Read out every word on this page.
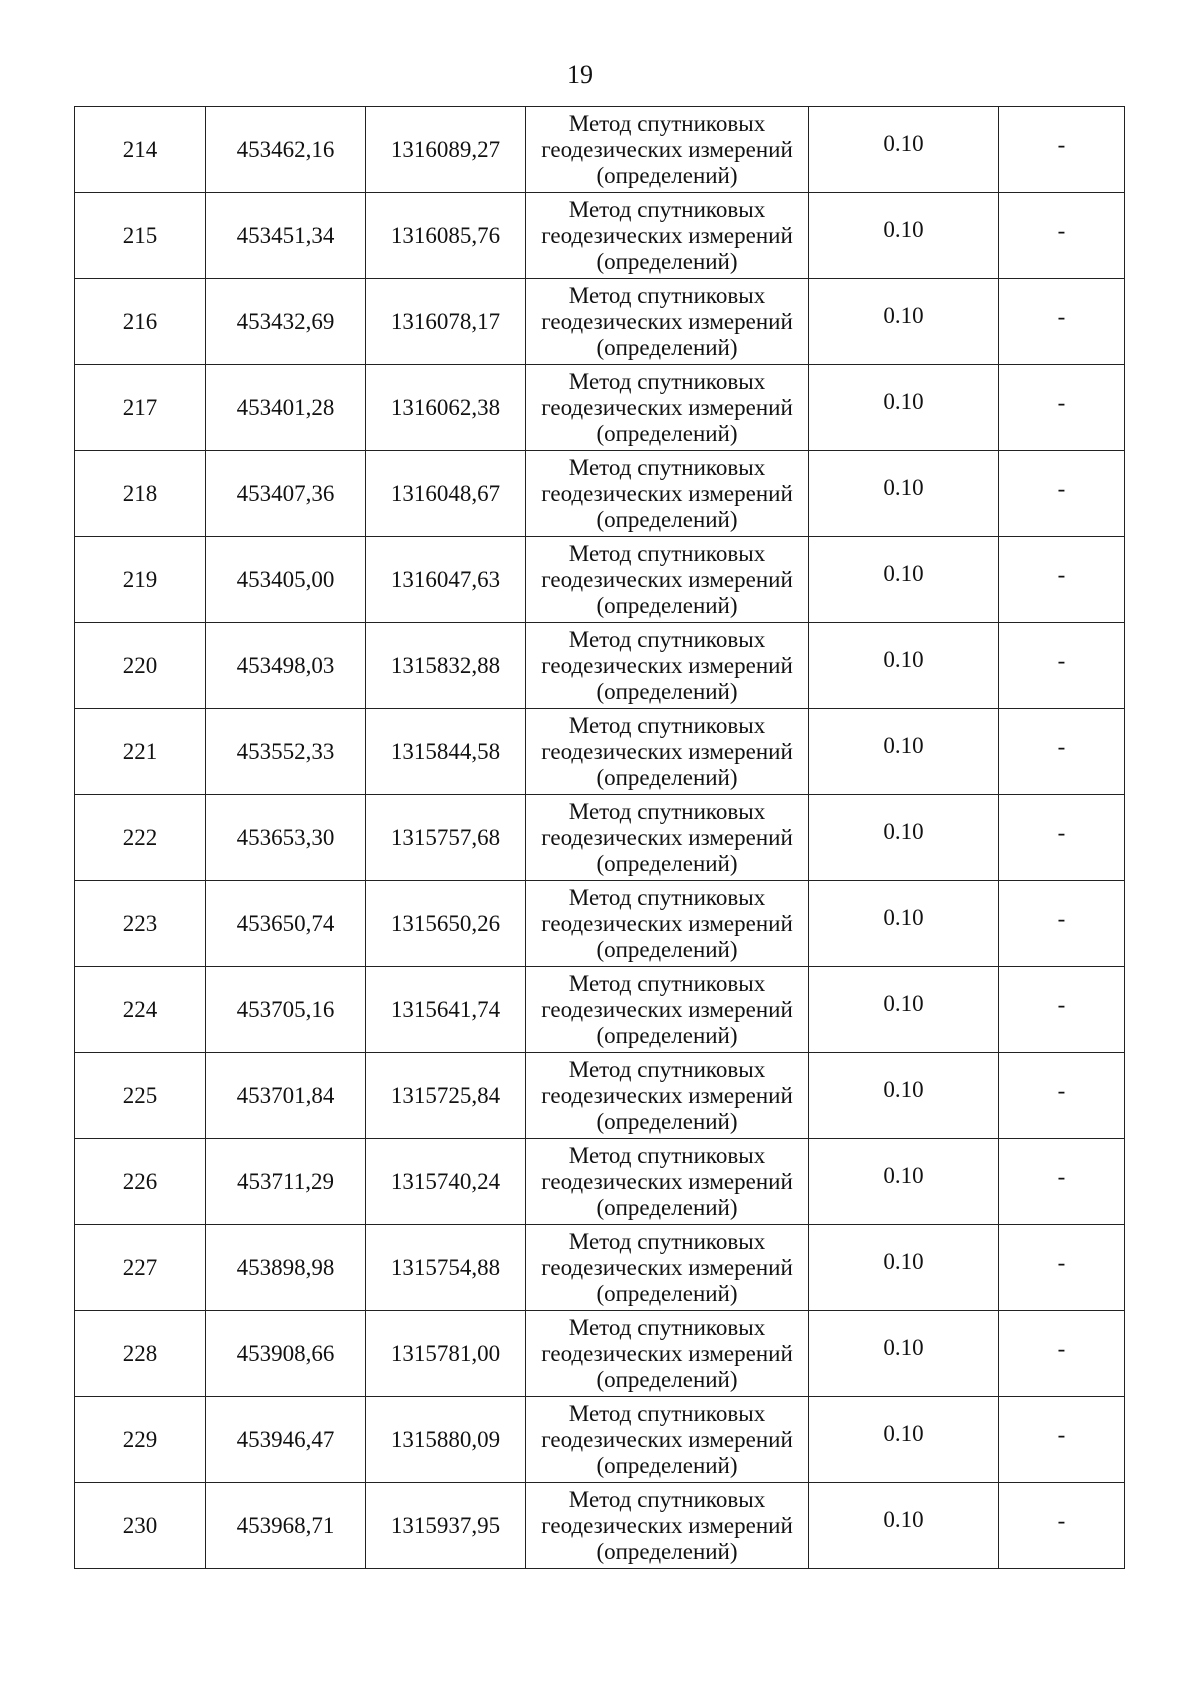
19
214	453462,16	1316089,27	Метод спутниковых
геодезических измерений
(определений)	0.10	-

215	453451,34	1316085,76	Метод спутниковых
геодезических измерений
(определений)	0.10	-

216	453432,69	1316078,17	Метод спутниковых
геодезических измерений
(определений)	0.10	-

217	453401,28	1316062,38	Метод спутниковых
геодезических измерений
(определений)	0.10	-

218	453407,36	1316048,67	Метод спутниковых
геодезических измерений
(определений)	0.10	-

219	453405,00	1316047,63	Метод спутниковых
геодезических измерений
(определений)	0.10	-

220	453498,03	1315832,88	Метод спутниковых
геодезических измерений
(определений)	0.10	-

221	453552,33	1315844,58	Метод спутниковых
геодезических измерений
(определений)	0.10	-

222	453653,30	1315757,68	Метод спутниковых
геодезических измерений
(определений)	0.10	-

223	453650,74	1315650,26	Метод спутниковых
геодезических измерений
(определений)	0.10	-

224	453705,16	1315641,74	Метод спутниковых
геодезических измерений
(определений)	0.10	-

225	453701,84	1315725,84	Метод спутниковых
геодезических измерений
(определений)	0.10	-

226	453711,29	1315740,24	Метод спутниковых
геодезических измерений
(определений)	0.10	-

227	453898,98	1315754,88	Метод спутниковых
геодезических измерений
(определений)	0.10	-

228	453908,66	1315781,00	Метод спутниковых
геодезических измерений
(определений)	0.10	-

229	453946,47	1315880,09	Метод спутниковых
геодезических измерений
(определений)	0.10	-

230	453968,71	1315937,95	Метод спутниковых
геодезических измерений
(определений)	0.10	-
